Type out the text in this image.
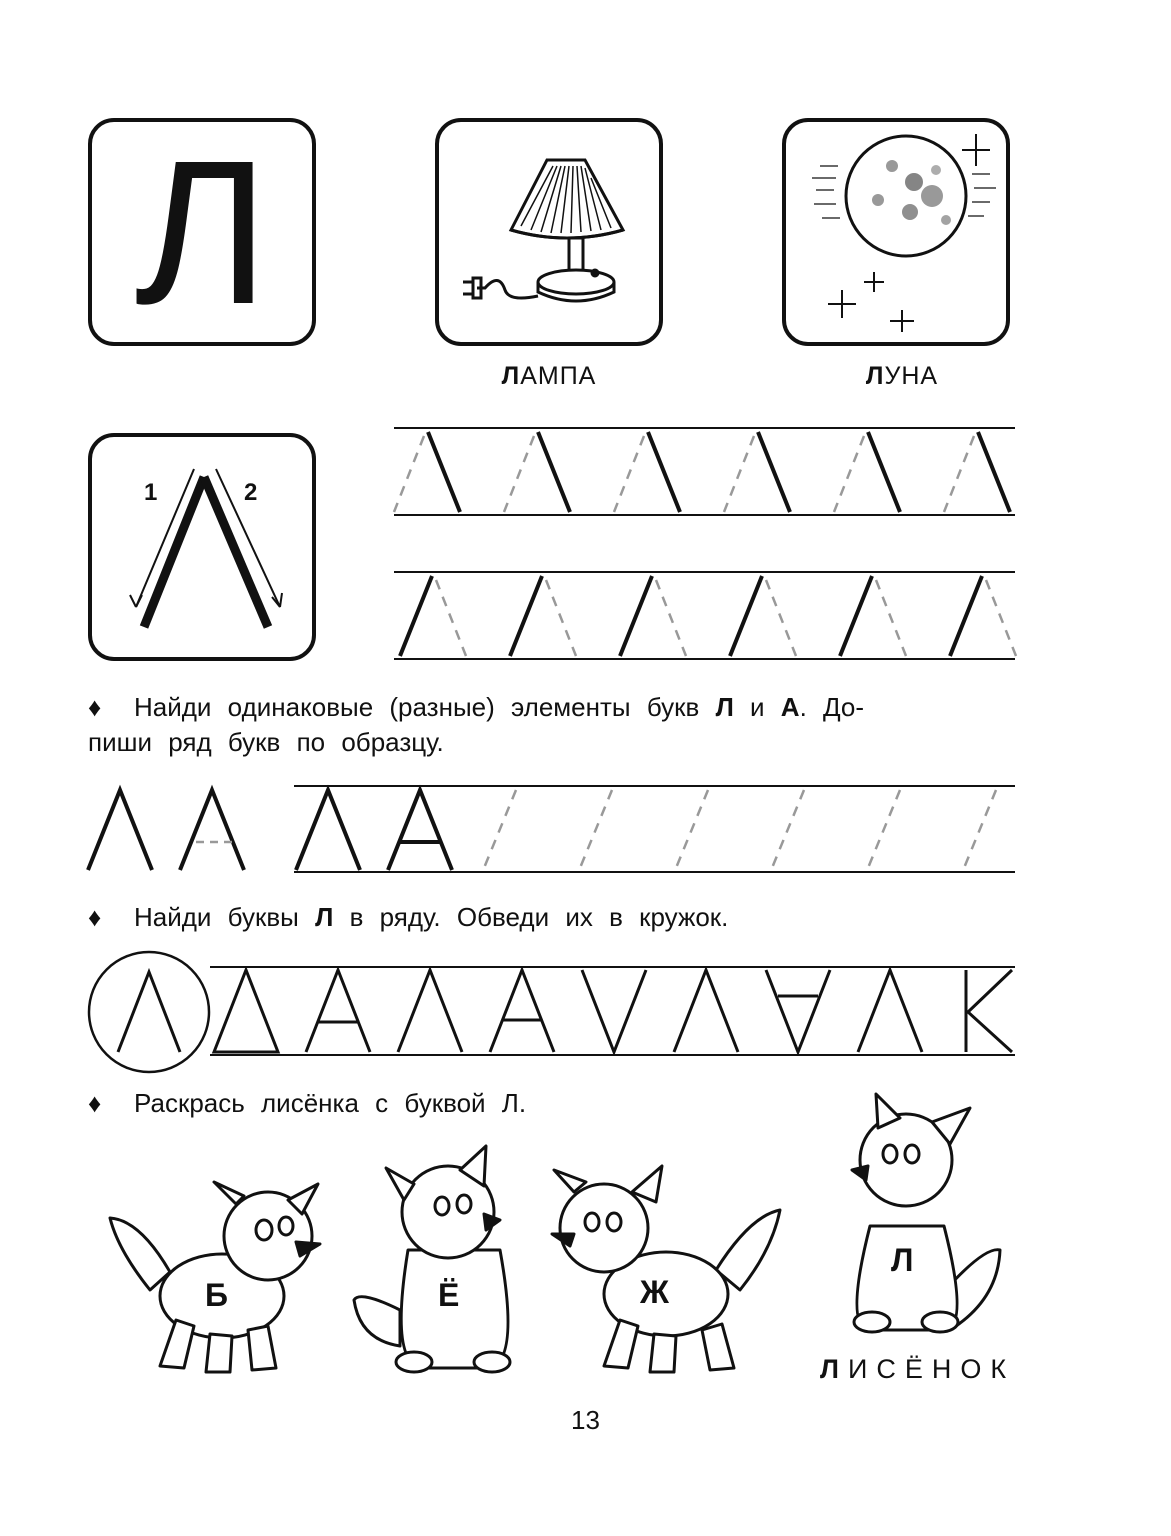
Л
ЛАМПА	ЛУНА
1	2
♦ Найди одинаковые (разные) элементы букв Л и А. До-
пиши ряд букв по образцу.
♦ Найди буквы Л в ряду. Обведи их в кружок.
♦ Раскрась лисёнка с буквой Л.
Б	Ё	Ж
Л
ЛИСЁНОК
13
